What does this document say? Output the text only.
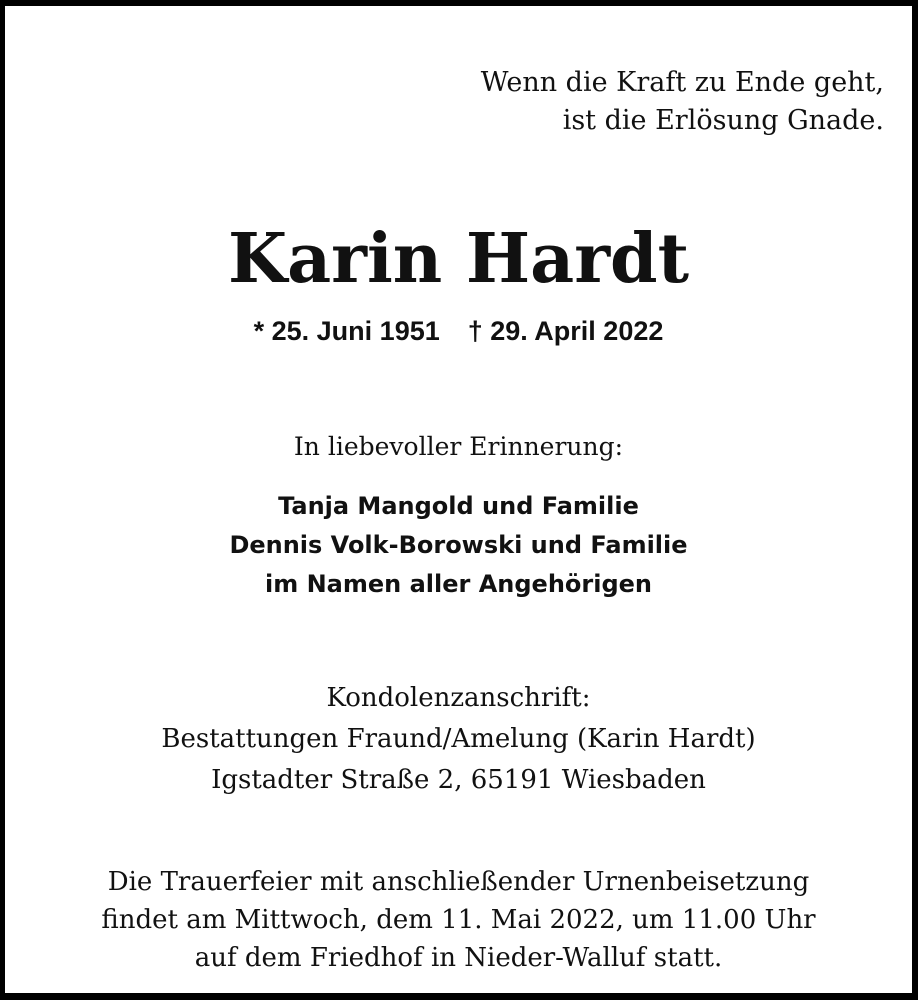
Wenn die Kraft zu Ende geht,
ist die Erlösung Gnade.
Karin Hardt
* 25. Juni 1951 † 29. April 2022
In liebevoller Erinnerung:
Tanja Mangold und Familie
Dennis Volk-Borowski und Familie
im Namen aller Angehörigen
Kondolenzanschrift:
Bestattungen Fraund/Amelung (Karin Hardt)
Igstadter Straße 2, 65191 Wiesbaden
Die Trauerfeier mit anschließender Urnenbeisetzung
findet am Mittwoch, dem 11. Mai 2022, um 11.00 Uhr
auf dem Friedhof in Nieder-Walluf statt.
